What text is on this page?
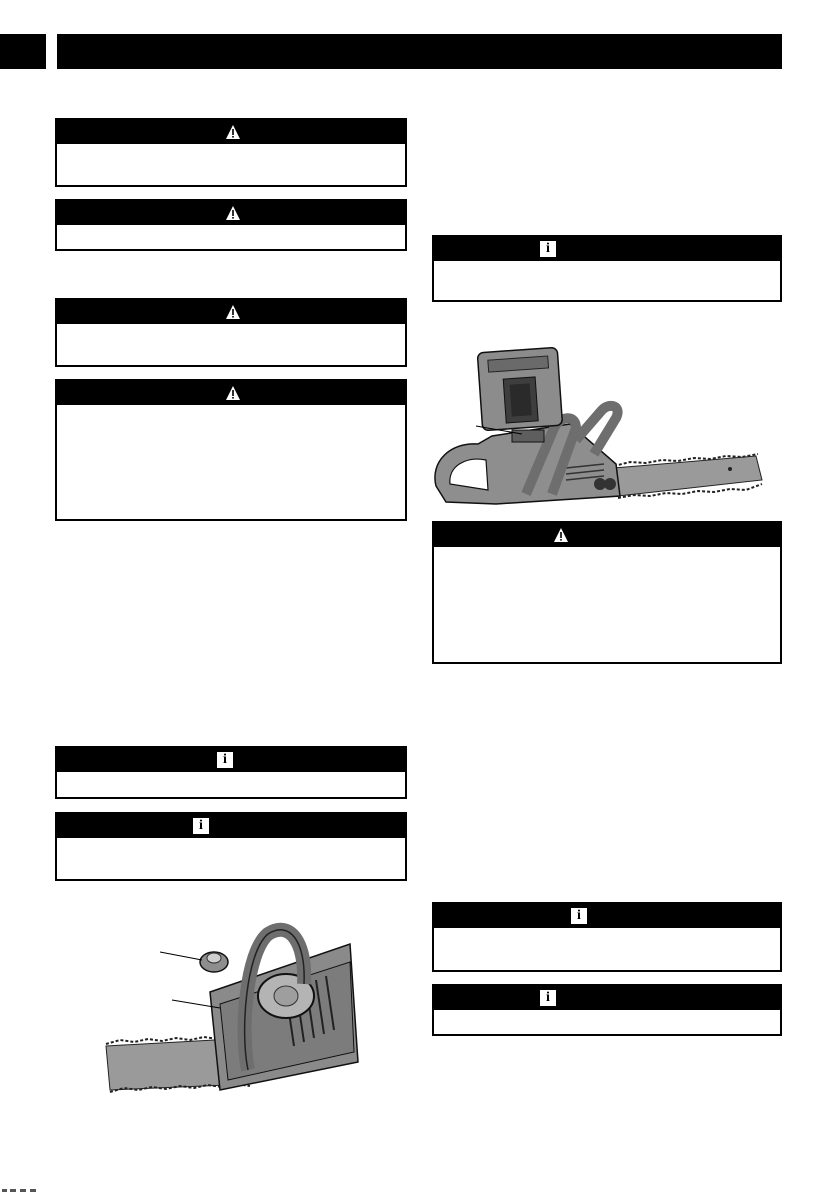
i
i
i
i
i
